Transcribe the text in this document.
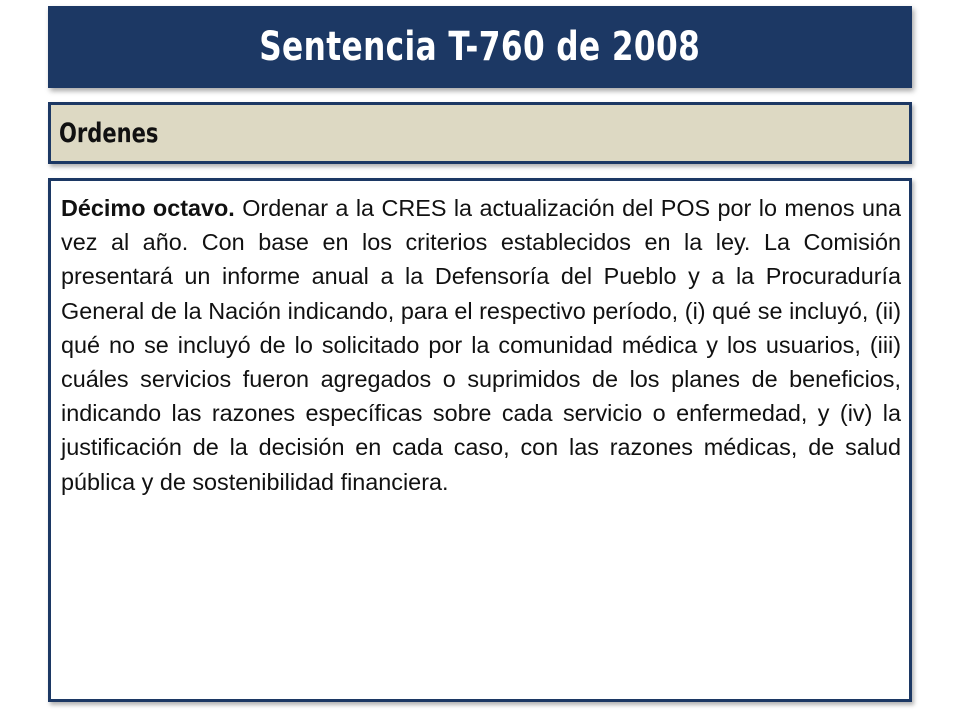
Sentencia T-760 de 2008
Ordenes

Décimo octavo. Ordenar a la CRES la actualización del POS por lo menos una vez al año. Con base en los criterios establecidos en la ley. La Comisión presentará un informe anual a la Defensoría del Pueblo y a la Procuraduría General de la Nación indicando, para el respectivo período, (i) qué se incluyó, (ii) qué no se incluyó de lo solicitado por la comunidad médica y los usuarios, (iii) cuáles servicios fueron agregados o suprimidos de los planes de beneficios, indicando las razones específicas sobre cada servicio o enfermedad, y (iv) la justificación de la decisión en cada caso, con las razones médicas, de salud pública y de sostenibilidad financiera.
